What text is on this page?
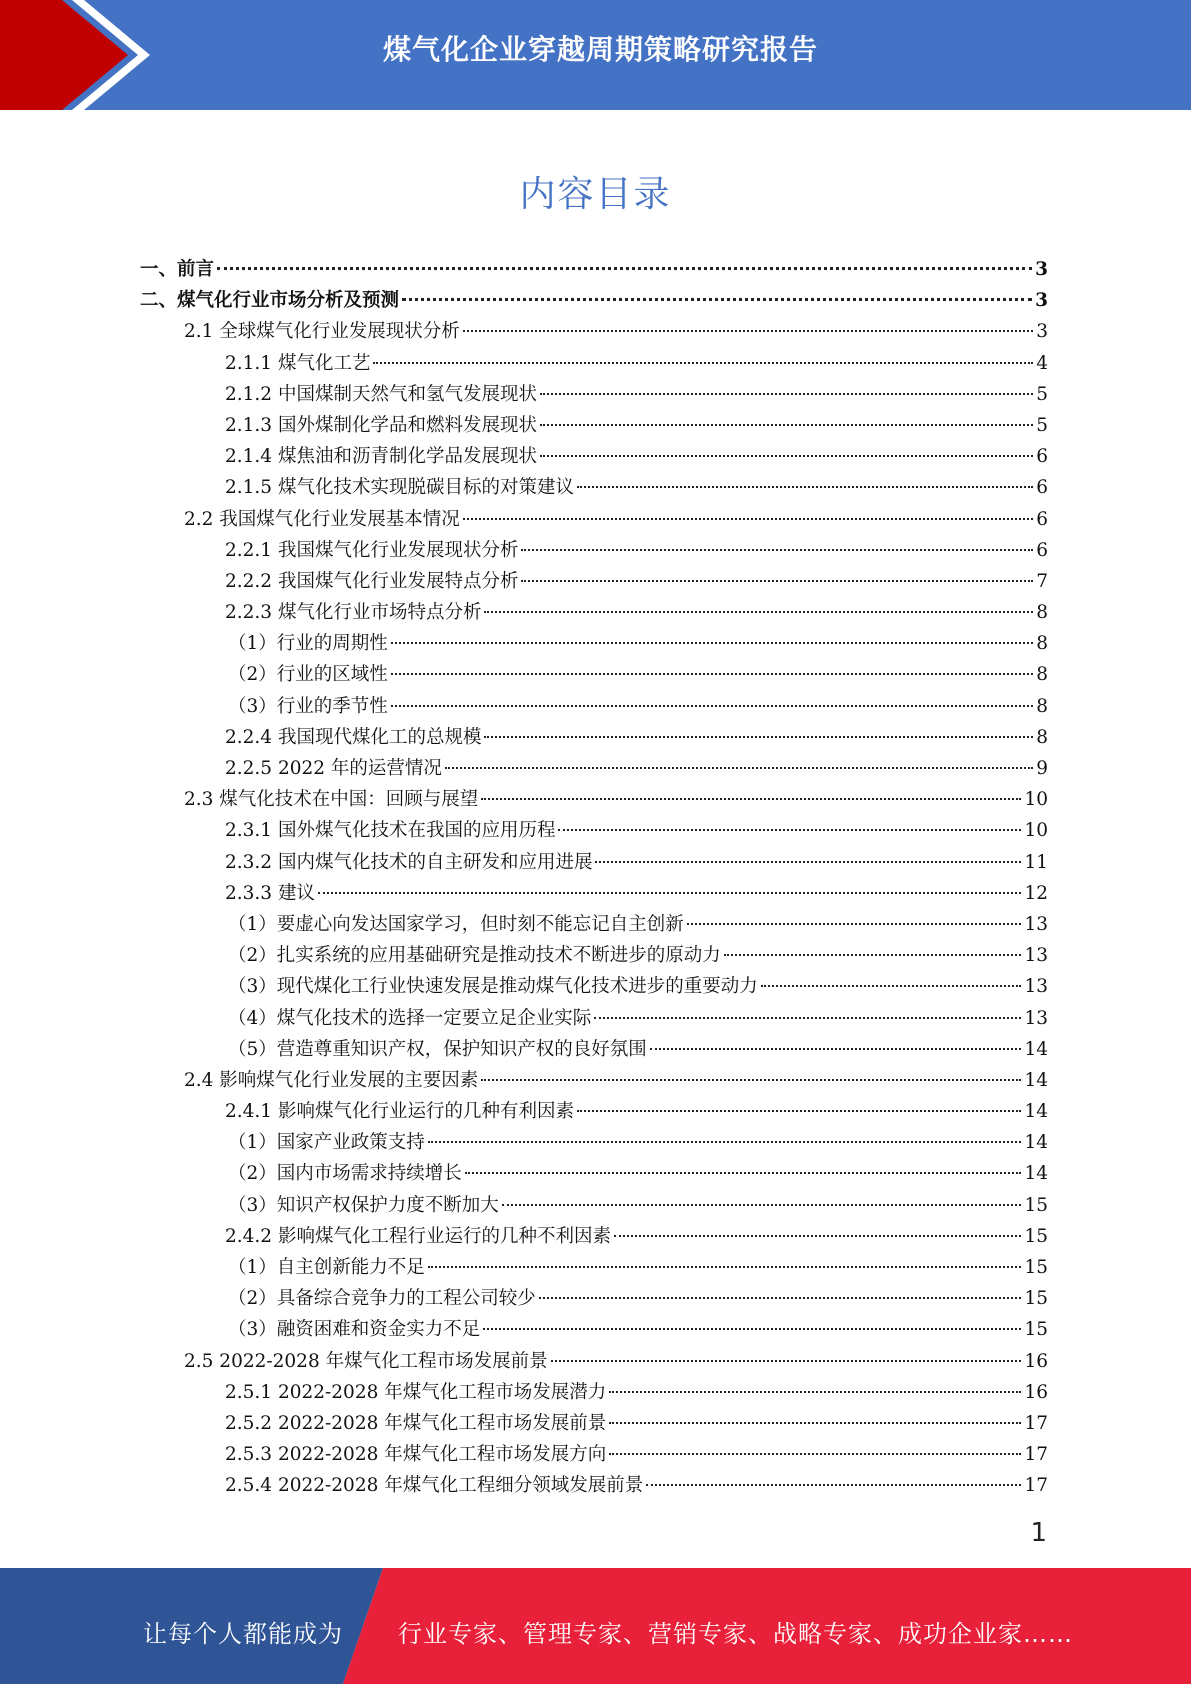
煤气化企业穿越周期策略研究报告
内容目录
一、前言	3
二、煤气化行业市场分析及预测	3
2.1 全球煤气化行业发展现状分析	3
2.1.1 煤气化工艺	4
2.1.2 中国煤制天然气和氢气发展现状	5
2.1.3 国外煤制化学品和燃料发展现状	5
2.1.4 煤焦油和沥青制化学品发展现状	6
2.1.5 煤气化技术实现脱碳目标的对策建议	6
2.2 我国煤气化行业发展基本情况	6
2.2.1 我国煤气化行业发展现状分析	6
2.2.2 我国煤气化行业发展特点分析	7
2.2.3 煤气化行业市场特点分析	8
（1）行业的周期性	8
（2）行业的区域性	8
（3）行业的季节性	8
2.2.4 我国现代煤化工的总规模	8
2.2.5 2022 年的运营情况	9
2.3 煤气化技术在中国：回顾与展望	10
2.3.1 国外煤气化技术在我国的应用历程	10
2.3.2 国内煤气化技术的自主研发和应用进展	11
2.3.3 建议	12
（1）要虚心向发达国家学习，但时刻不能忘记自主创新	13
（2）扎实系统的应用基础研究是推动技术不断进步的原动力	13
（3）现代煤化工行业快速发展是推动煤气化技术进步的重要动力	13
（4）煤气化技术的选择一定要立足企业实际	13
（5）营造尊重知识产权，保护知识产权的良好氛围	14
2.4 影响煤气化行业发展的主要因素	14
2.4.1 影响煤气化行业运行的几种有利因素	14
（1）国家产业政策支持	14
（2）国内市场需求持续增长	14
（3）知识产权保护力度不断加大	15
2.4.2 影响煤气化工程行业运行的几种不利因素	15
（1）自主创新能力不足	15
（2）具备综合竞争力的工程公司较少	15
（3）融资困难和资金实力不足	15
2.5 2022-2028 年煤气化工程市场发展前景	16
2.5.1 2022-2028 年煤气化工程市场发展潜力	16
2.5.2 2022-2028 年煤气化工程市场发展前景	17
2.5.3 2022-2028 年煤气化工程市场发展方向	17
2.5.4 2022-2028 年煤气化工程细分领域发展前景	17
1
让每个人都能成为 行业专家、管理专家、营销专家、战略专家、成功企业家……
